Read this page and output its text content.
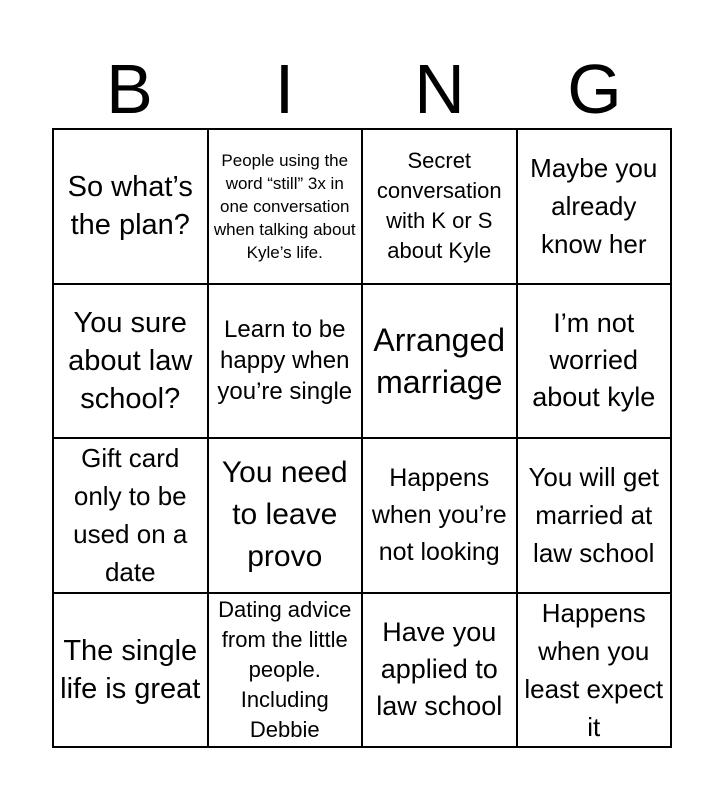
B	I	N	G
So what’s the plan?
People using the word “still” 3x in one conversation when talking about Kyle’s life.
Secret conversation with K or S about Kyle
Maybe you already know her
You sure about law school?
Learn to be happy when you’re single
Arranged marriage
I’m not worried about kyle
Gift card only to be used on a date
You need to leave provo
Happens when you’re not looking
You will get married at law school
The single life is great
Dating advice from the little people. Including Debbie
Have you applied to law school
Happens when you least expect it
